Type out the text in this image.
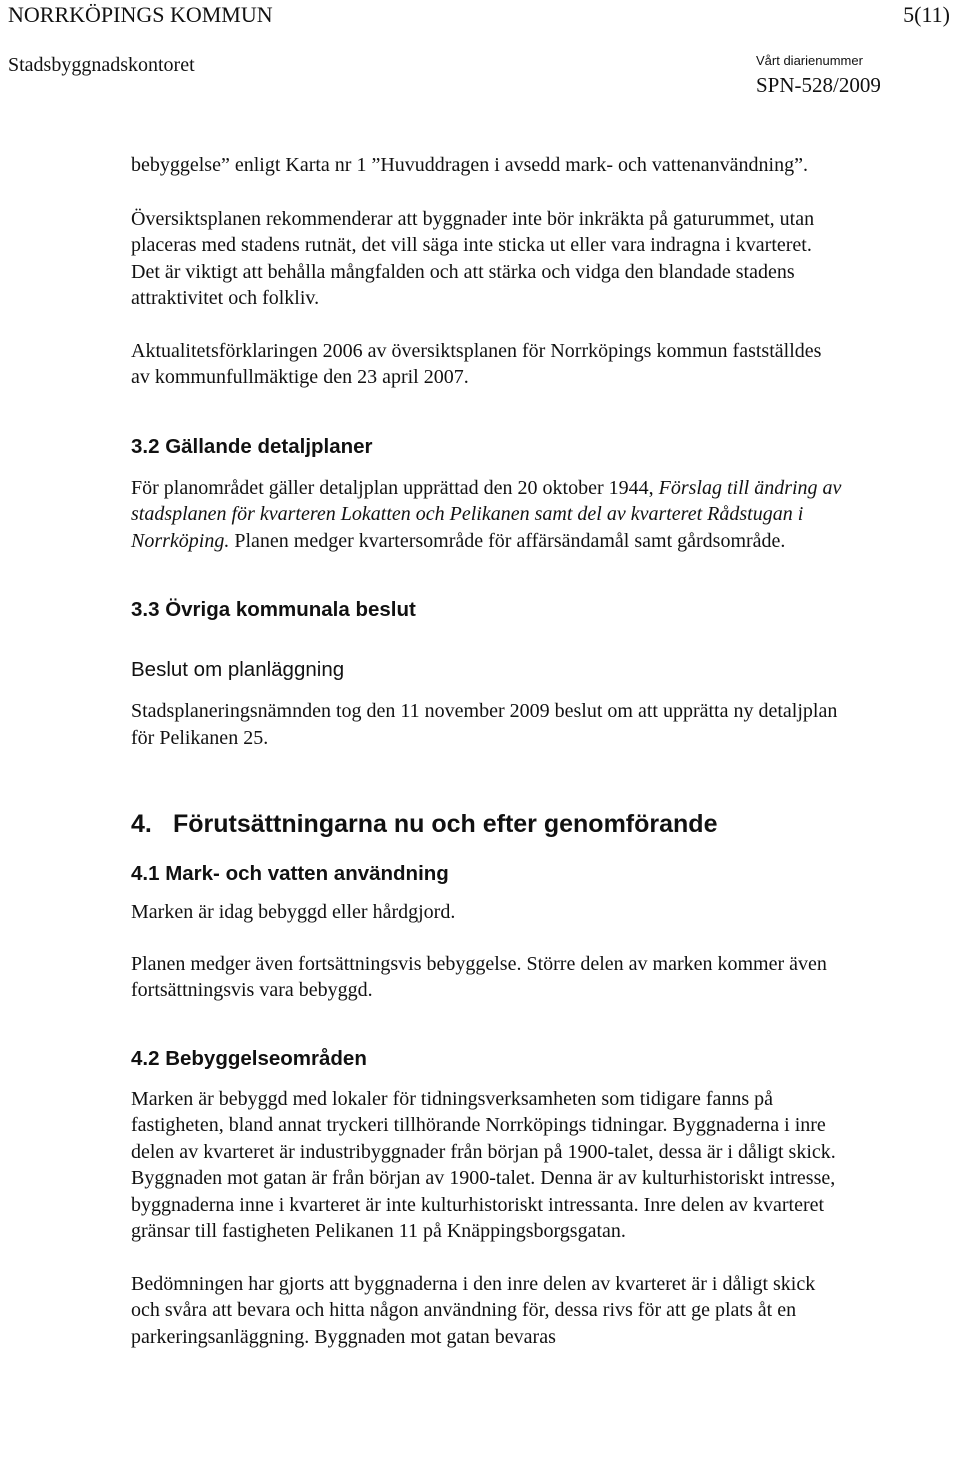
NORRKÖPINGS KOMMUN	5(11)
Stadsbyggnadskontoret	Vårt diarienummer
SPN-528/2009

bebyggelse” enligt Karta nr 1 ”Huvuddragen i avsedd mark- och vattenanvändning”.

Översiktsplanen rekommenderar att byggnader inte bör inkräkta på gaturummet, utan placeras med stadens rutnät, det vill säga inte sticka ut eller vara indragna i kvarteret. Det är viktigt att behålla mångfalden och att stärka och vidga den blandade stadens attraktivitet och folkliv.

Aktualitetsförklaringen 2006 av översiktsplanen för Norrköpings kommun fastställdes av kommunfullmäktige den 23 april 2007.

3.2 Gällande detaljplaner

För planområdet gäller detaljplan upprättad den 20 oktober 1944, Förslag till ändring av stadsplanen för kvarteren Lokatten och Pelikanen samt del av kvarteret Rådstugan i Norrköping. Planen medger kvartersområde för affärsändamål samt gårdsområde.

3.3 Övriga kommunala beslut
Beslut om planläggning

Stadsplaneringsnämnden tog den 11 november 2009 beslut om att upprätta ny detaljplan för Pelikanen 25.

4. Förutsättningarna nu och efter genomförande
4.1 Mark- och vatten användning

Marken är idag bebyggd eller hårdgjord.

Planen medger även fortsättningsvis bebyggelse. Större delen av marken kommer även fortsättningsvis vara bebyggd.

4.2 Bebyggelseområden

Marken är bebyggd med lokaler för tidningsverksamheten som tidigare fanns på fastigheten, bland annat tryckeri tillhörande Norrköpings tidningar. Byggnaderna i inre delen av kvarteret är industribyggnader från början på 1900-talet, dessa är i dåligt skick. Byggnaden mot gatan är från början av 1900-talet. Denna är av kulturhistoriskt intresse, byggnaderna inne i kvarteret är inte kulturhistoriskt intressanta. Inre delen av kvarteret gränsar till fastigheten Pelikanen 11 på Knäppingsborgsgatan.

Bedömningen har gjorts att byggnaderna i den inre delen av kvarteret är i dåligt skick och svåra att bevara och hitta någon användning för, dessa rivs för att ge plats åt en parkeringsanläggning. Byggnaden mot gatan bevaras
